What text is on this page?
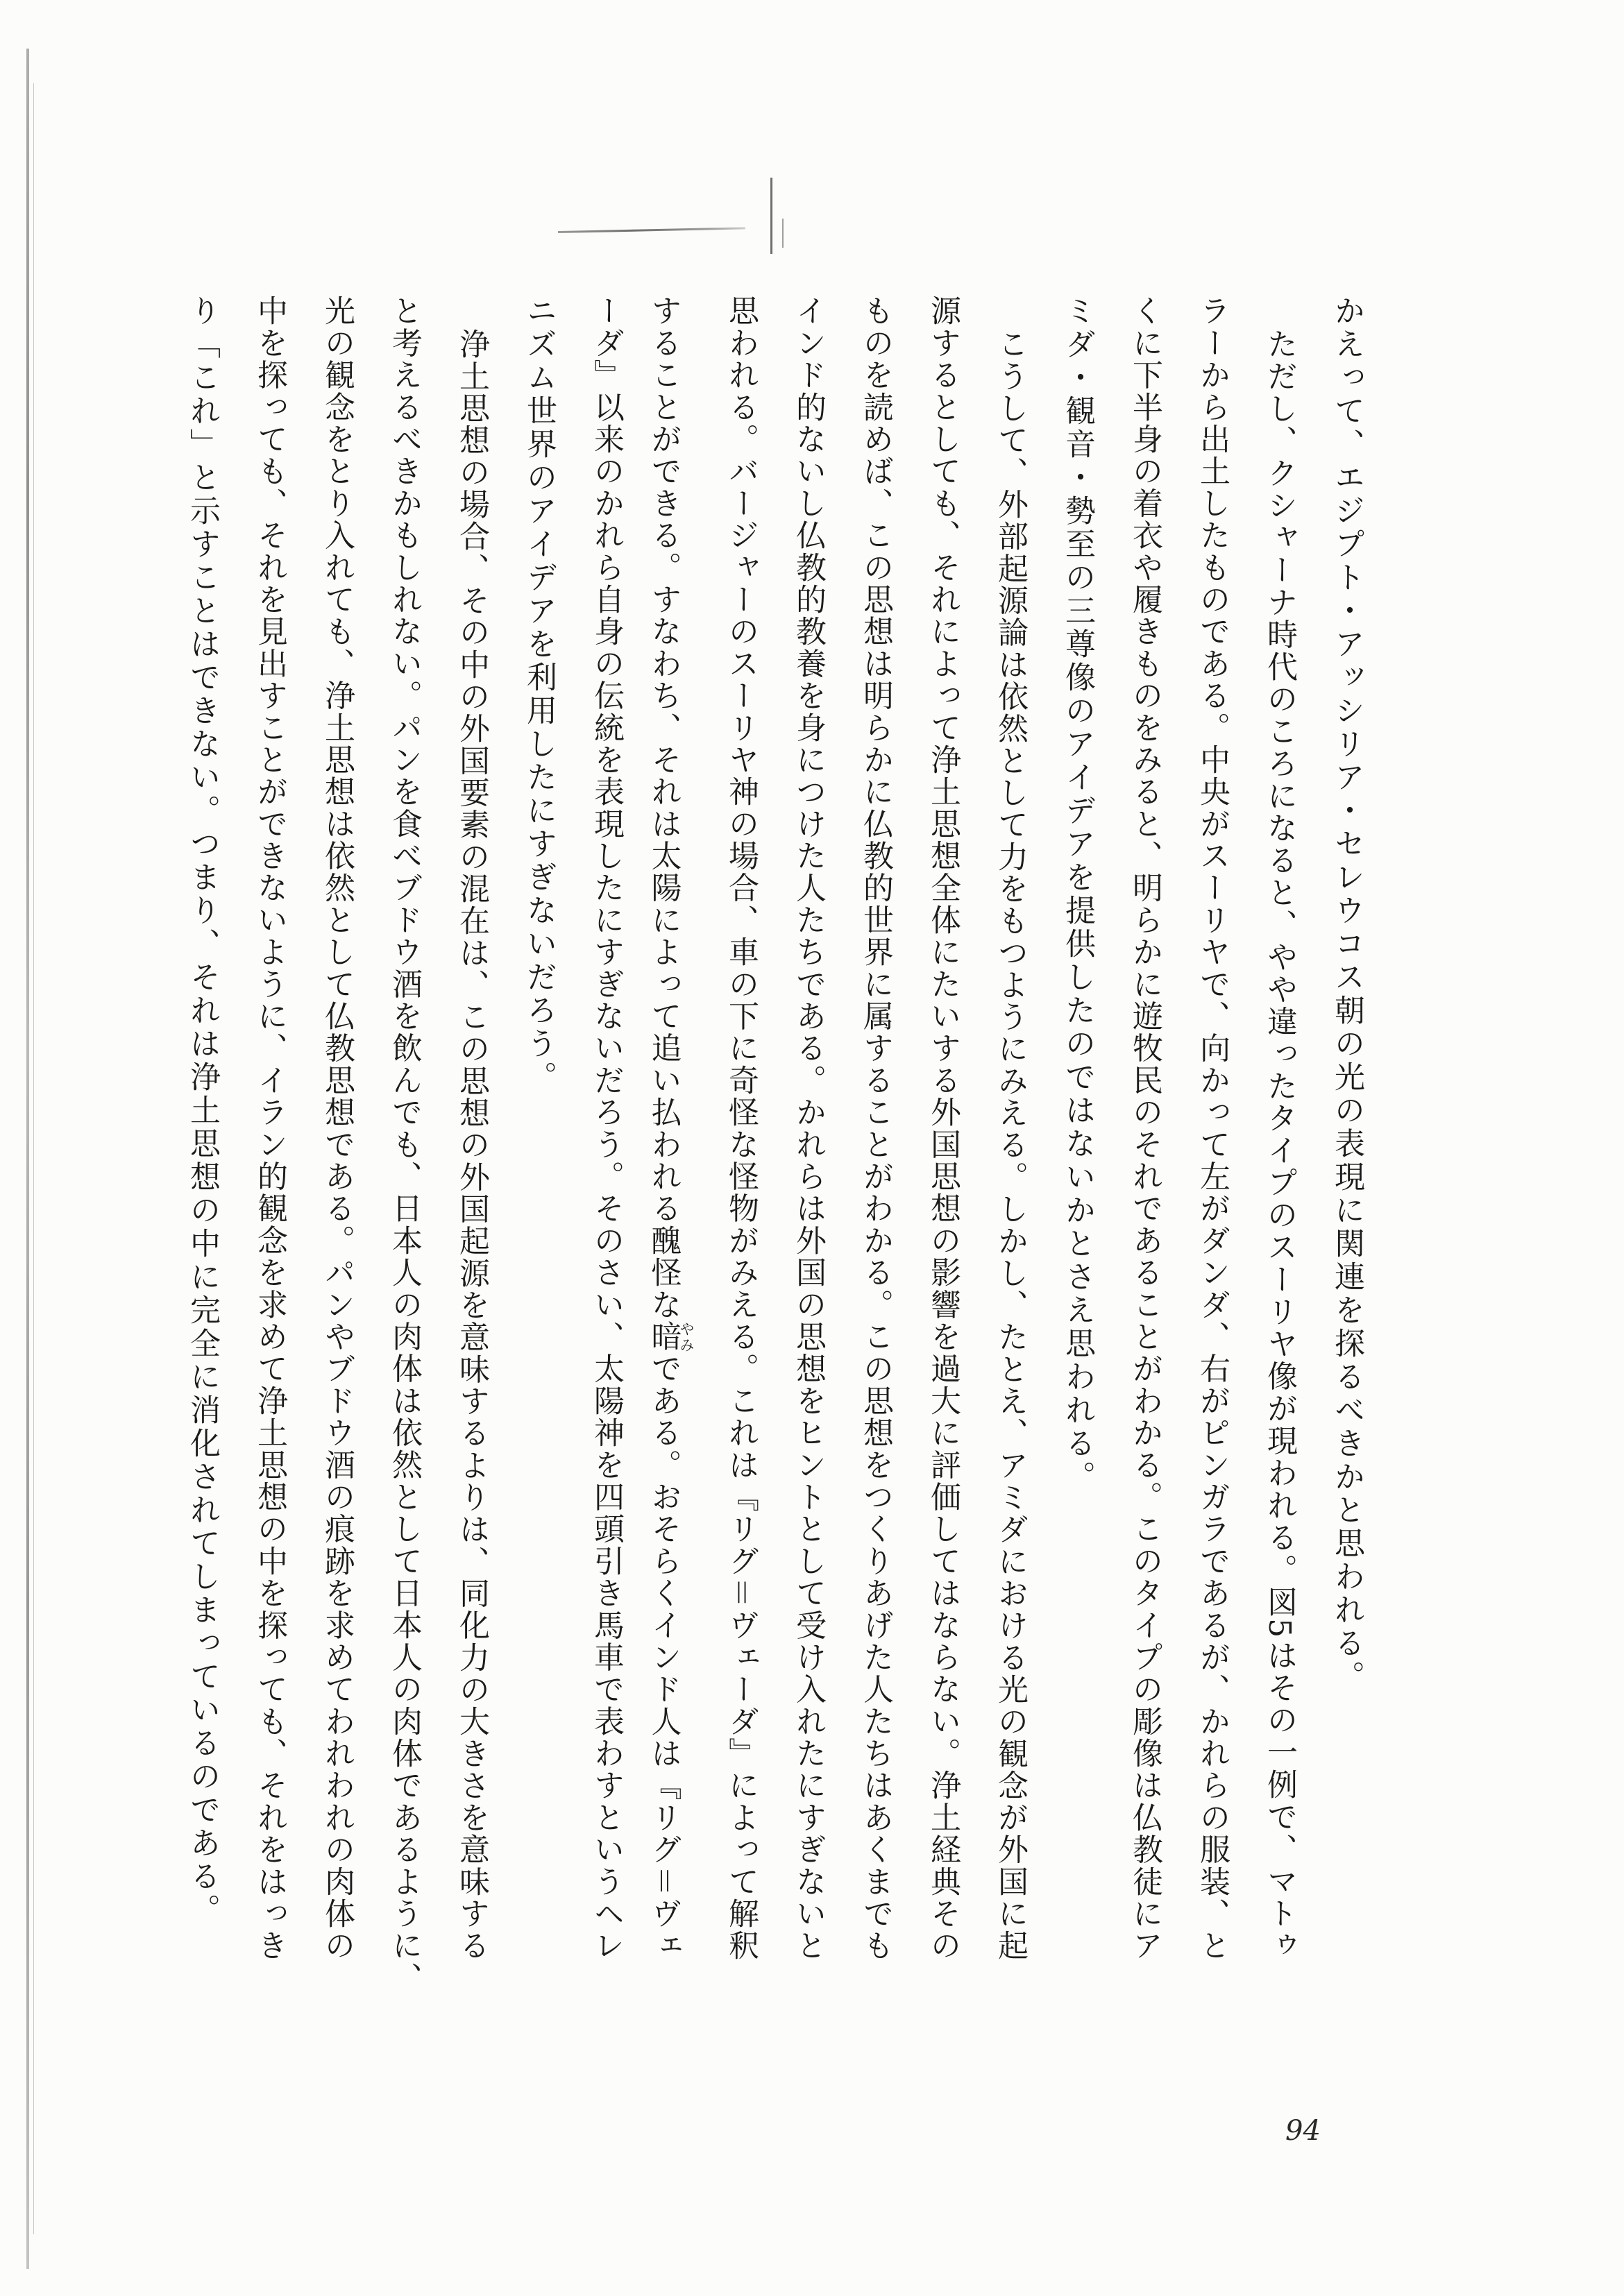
かえって、エジプト・アッシリア・セレウコス朝の光の表現に関連を探るべきかと思われる。
ただし、クシャーナ時代のころになると、やや違ったタイプのスーリヤ像が現われる。図5はその一例で、マトゥ
ラーから出土したものである。中央がスーリヤで、向かって左がダンダ、右がピンガラであるが、かれらの服装、と
くに下半身の着衣や履きものをみると、明らかに遊牧民のそれであることがわかる。このタイプの彫像は仏教徒にア
ミダ・観音・勢至の三尊像のアイデアを提供したのではないかとさえ思われる。
こうして、外部起源論は依然として力をもつようにみえる。しかし、たとえ、アミダにおける光の観念が外国に起
源するとしても、それによって浄土思想全体にたいする外国思想の影響を過大に評価してはならない。浄土経典その
ものを読めば、この思想は明らかに仏教的世界に属することがわかる。この思想をつくりあげた人たちはあくまでも
インド的ないし仏教的教養を身につけた人たちである。かれらは外国の思想をヒントとして受け入れたにすぎないと
思われる。バージャーのスーリヤ神の場合、車の下に奇怪な怪物がみえる。これは『リグ＝ヴェーダ』によって解釈
することができる。すなわち、それは太陽によって追い払われる醜怪な暗やみである。おそらくインド人は『リグ＝ヴェ
ーダ』以来のかれら自身の伝統を表現したにすぎないだろう。そのさい、太陽神を四頭引き馬車で表わすというヘレ
ニズム世界のアイデアを利用したにすぎないだろう。
浄土思想の場合、その中の外国要素の混在は、この思想の外国起源を意味するよりは、同化力の大きさを意味する
と考えるべきかもしれない。パンを食べブドウ酒を飲んでも、日本人の肉体は依然として日本人の肉体であるように、
光の観念をとり入れても、浄土思想は依然として仏教思想である。パンやブドウ酒の痕跡を求めてわれわれの肉体の
中を探っても、それを見出すことができないように、イラン的観念を求めて浄土思想の中を探っても、それをはっき
り「これ」と示すことはできない。つまり、それは浄土思想の中に完全に消化されてしまっているのである。
94
